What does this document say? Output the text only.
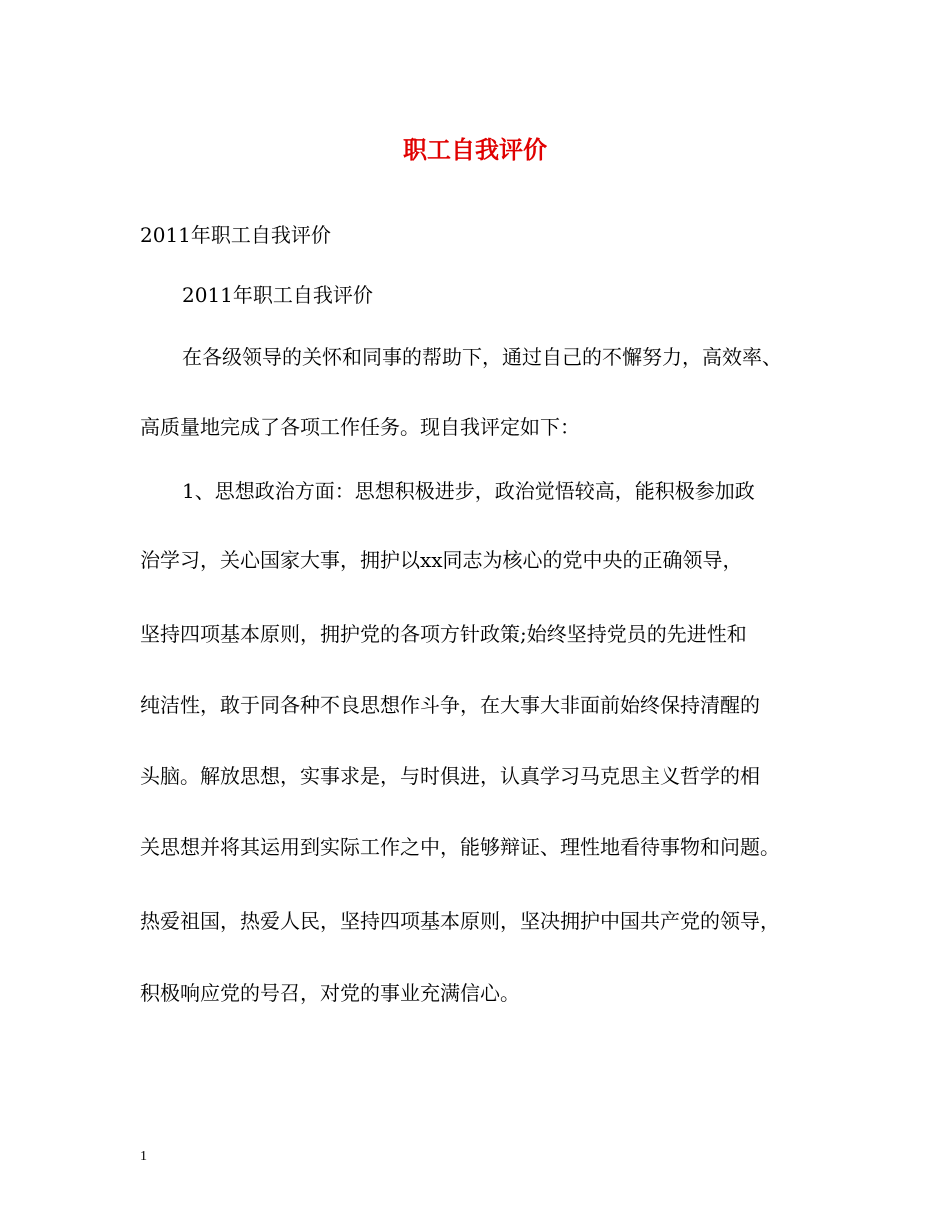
职工自我评价
2011年职工自我评价
2011年职工自我评价
在各级领导的关怀和同事的帮助下，通过自己的不懈努力，高效率、
高质量地完成了各项工作任务。现自我评定如下：
1、思想政治方面：思想积极进步，政治觉悟较高，能积极参加政
治学习，关心国家大事，拥护以xx同志为核心的党中央的正确领导，
坚持四项基本原则，拥护党的各项方针政策;始终坚持党员的先进性和
纯洁性，敢于同各种不良思想作斗争，在大事大非面前始终保持清醒的
头脑。解放思想，实事求是，与时俱进，认真学习马克思主义哲学的相
关思想并将其运用到实际工作之中，能够辩证、理性地看待事物和问题。
热爱祖国，热爱人民，坚持四项基本原则，坚决拥护中国共产党的领导，
积极响应党的号召，对党的事业充满信心。
1
